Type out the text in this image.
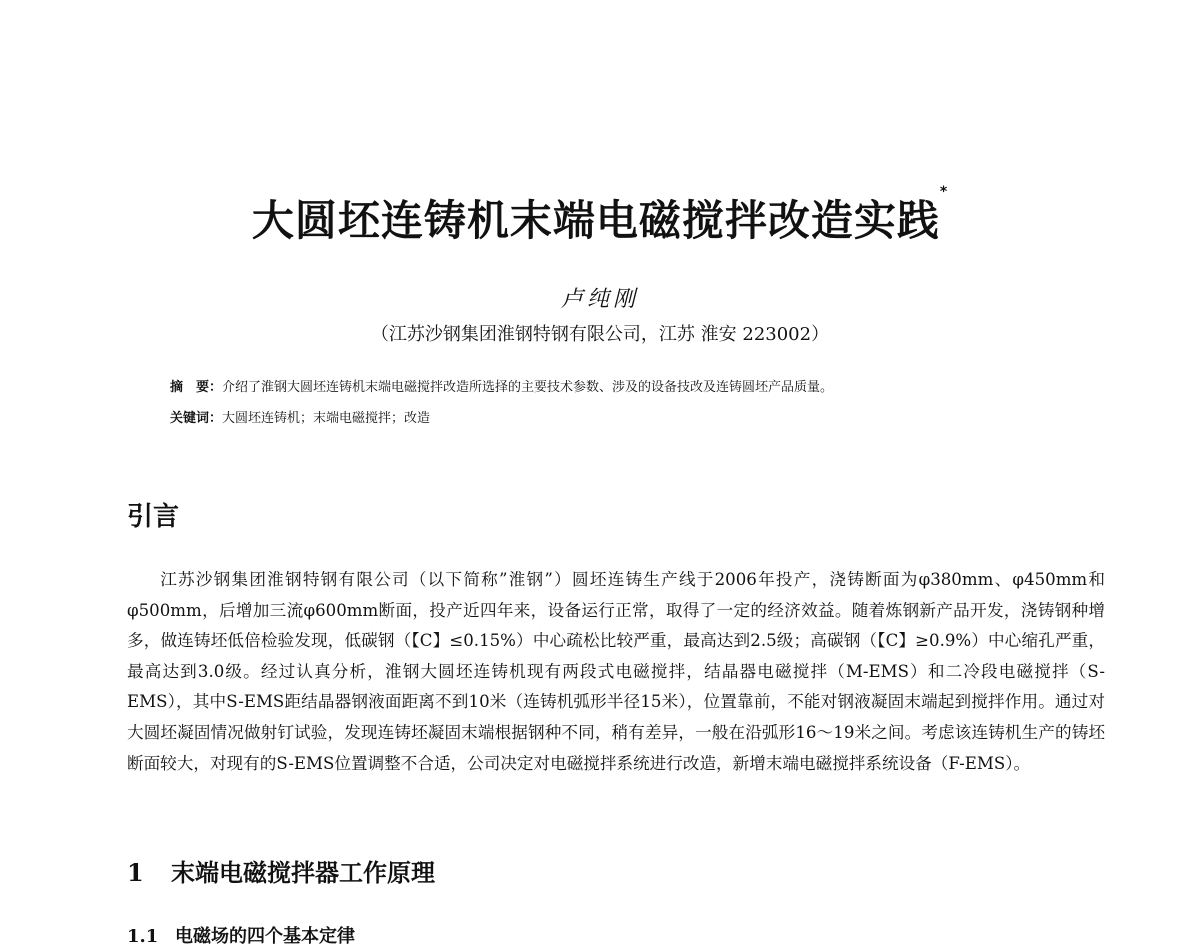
大圆坯连铸机末端电磁搅拌改造实践*
卢纯刚
（江苏沙钢集团淮钢特钢有限公司，江苏 淮安 223002）
摘　要：介绍了淮钢大圆坯连铸机末端电磁搅拌改造所选择的主要技术参数、涉及的设备技改及连铸圆坯产品质量。
关键词：大圆坯连铸机；末端电磁搅拌；改造
引言

江苏沙钢集团淮钢特钢有限公司（以下简称”淮钢”）圆坯连铸生产线于2006年投产，浇铸断面为φ380mm、φ450mm和φ500mm，后增加三流φ600mm断面，投产近四年来，设备运行正常，取得了一定的经济效益。随着炼钢新产品开发，浇铸钢种增多，做连铸坯低倍检验发现，低碳钢（【C】≤0.15%）中心疏松比较严重，最高达到2.5级；高碳钢（【C】≥0.9%）中心缩孔严重，最高达到3.0级。经过认真分析，淮钢大圆坯连铸机现有两段式电磁搅拌，结晶器电磁搅拌（M-EMS）和二冷段电磁搅拌（S-EMS），其中S-EMS距结晶器钢液面距离不到10米（连铸机弧形半径15米），位置靠前，不能对钢液凝固末端起到搅拌作用。通过对大圆坯凝固情况做射钉试验，发现连铸坯凝固末端根据钢种不同，稍有差异，一般在沿弧形16～19米之间。考虑该连铸机生产的铸坯断面较大，对现有的S-EMS位置调整不合适，公司决定对电磁搅拌系统进行改造，新增末端电磁搅拌系统设备（F-EMS）。

1 末端电磁搅拌器工作原理
1.1 电磁场的四个基本定律
